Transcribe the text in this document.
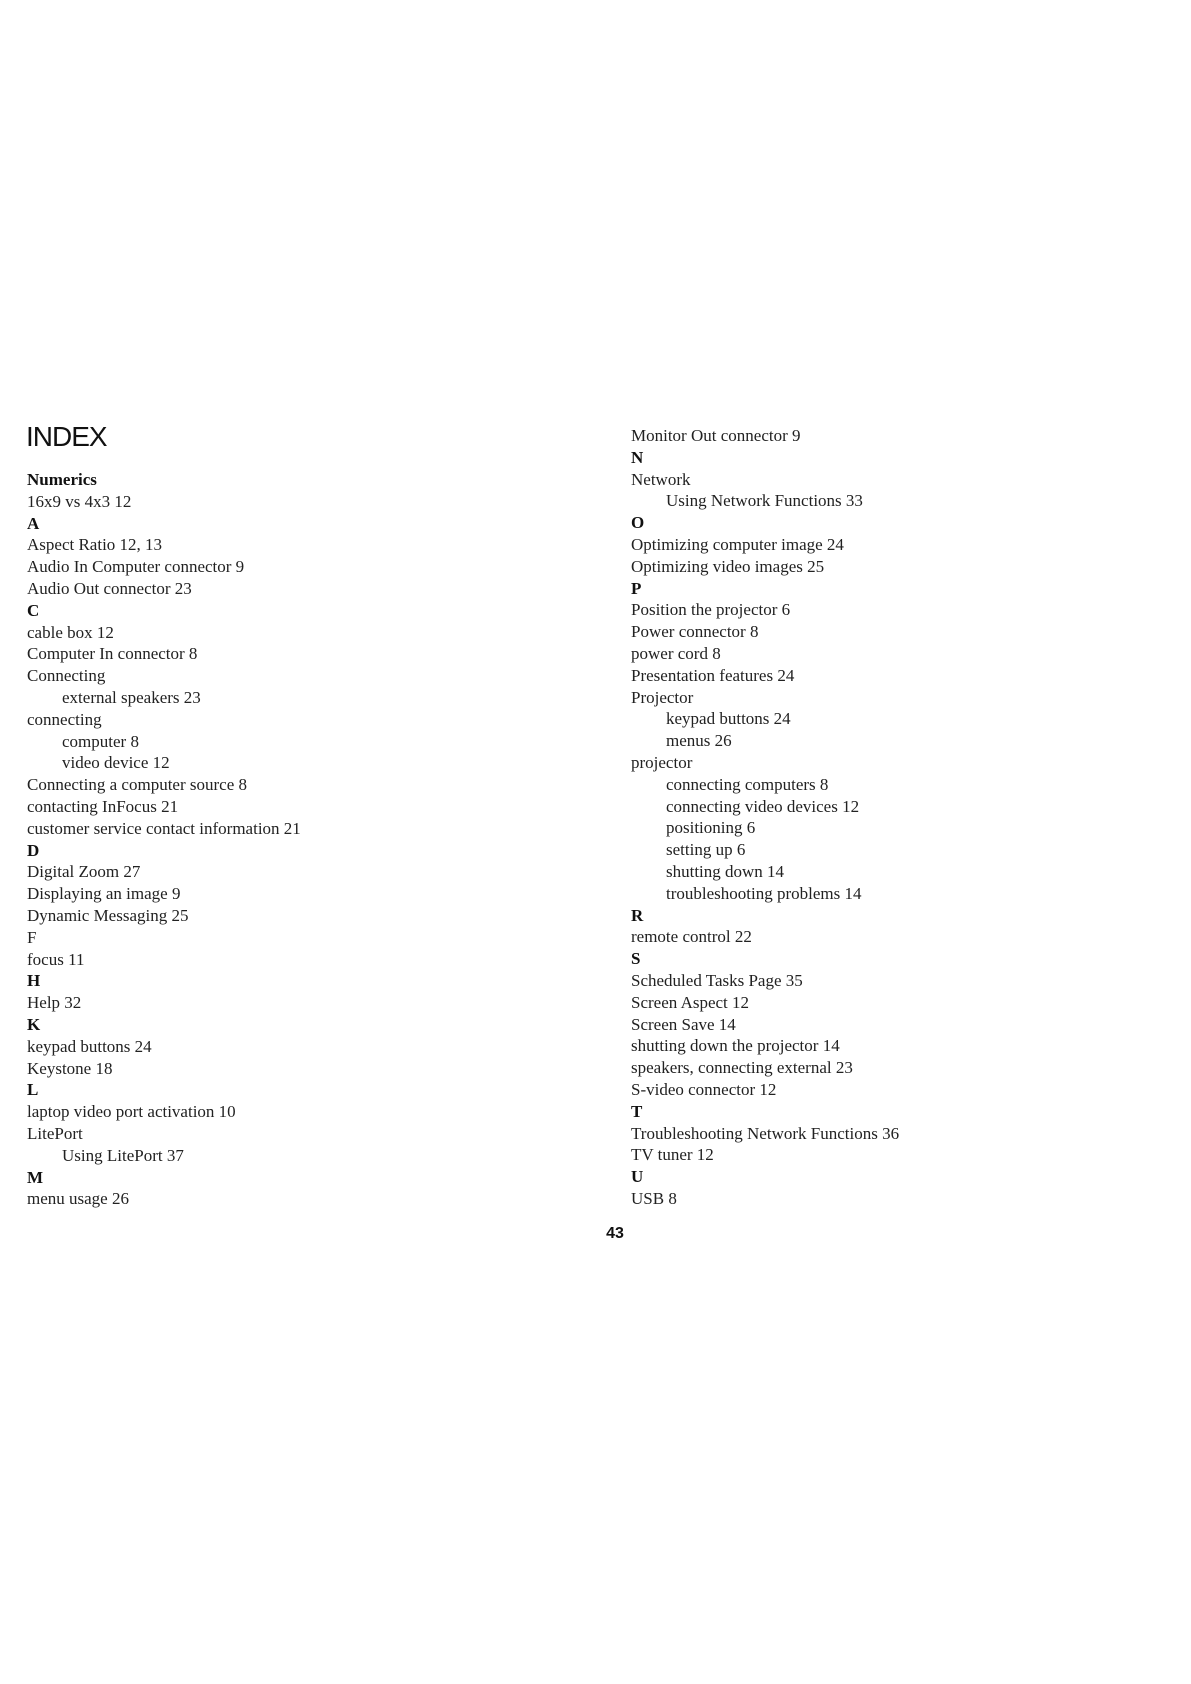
INDEX
Numerics
16x9 vs 4x3 12
A
Aspect Ratio 12, 13
Audio In Computer connector 9
Audio Out connector 23
C
cable box 12
Computer In connector 8
Connecting
external speakers 23
connecting
computer 8
video device 12
Connecting a computer source 8
contacting InFocus 21
customer service contact information 21
D
Digital Zoom 27
Displaying an image 9
Dynamic Messaging 25
F
focus 11
H
Help 32
K
keypad buttons 24
Keystone 18
L
laptop video port activation 10
LitePort
Using LitePort 37
M
menu usage 26
Monitor Out connector 9
N
Network
Using Network Functions 33
O
Optimizing computer image 24
Optimizing video images 25
P
Position the projector 6
Power connector 8
power cord 8
Presentation features 24
Projector
keypad buttons 24
menus 26
projector
connecting computers 8
connecting video devices 12
positioning 6
setting up 6
shutting down 14
troubleshooting problems 14
R
remote control 22
S
Scheduled Tasks Page 35
Screen Aspect 12
Screen Save 14
shutting down the projector 14
speakers, connecting external 23
S-video connector 12
T
Troubleshooting Network Functions 36
TV tuner 12
U
USB 8

43
